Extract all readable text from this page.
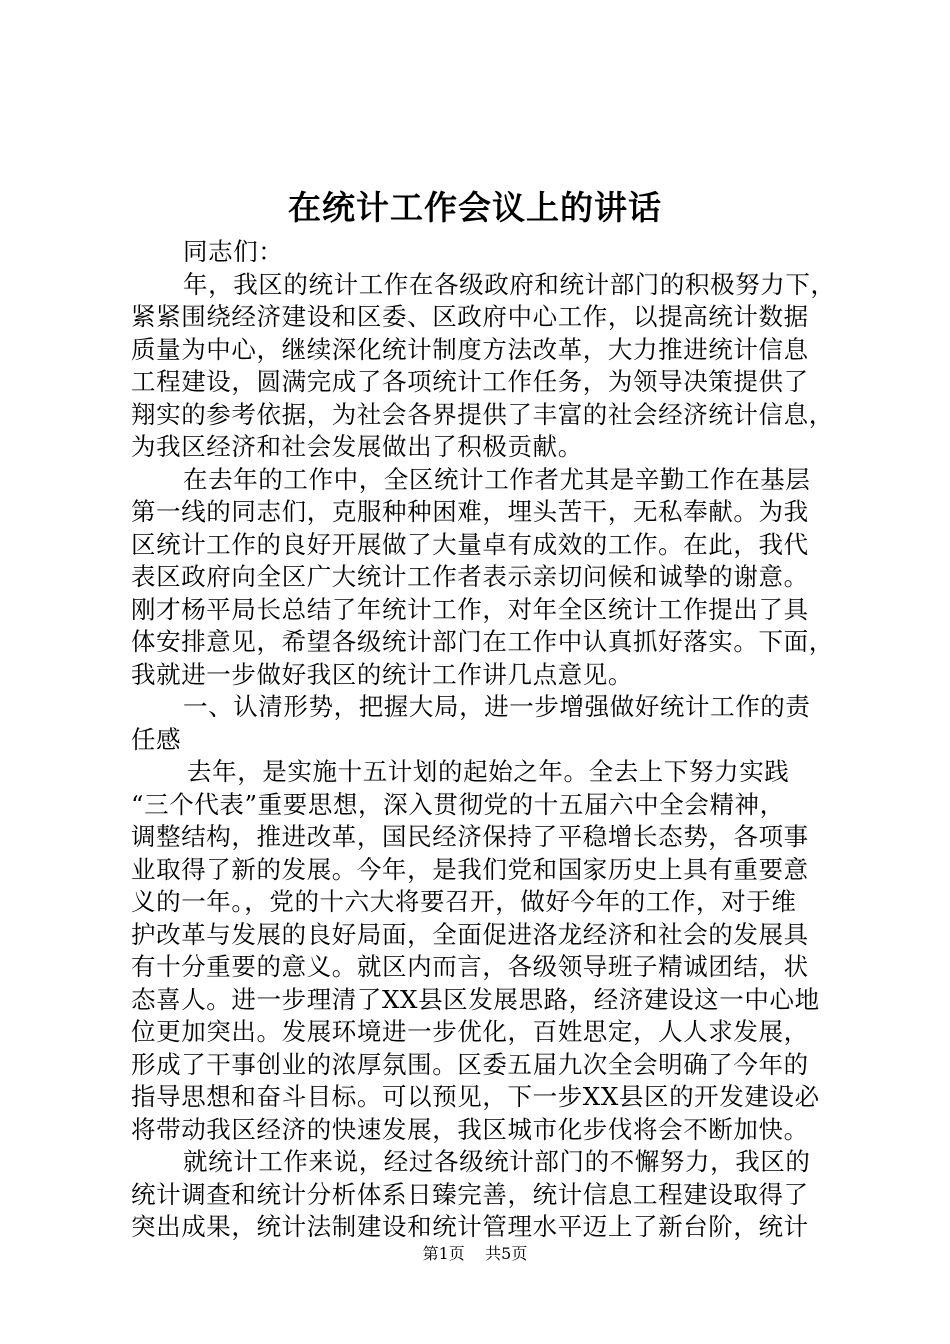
在统计工作会议上的讲话
同志们：
年，我区的统计工作在各级政府和统计部门的积极努力下，
紧紧围绕经济建设和区委、区政府中心工作，以提高统计数据
质量为中心，继续深化统计制度方法改革，大力推进统计信息
工程建设，圆满完成了各项统计工作任务，为领导决策提供了
翔实的参考依据，为社会各界提供了丰富的社会经济统计信息，
为我区经济和社会发展做出了积极贡献。
在去年的工作中，全区统计工作者尤其是辛勤工作在基层
第一线的同志们，克服种种困难，埋头苦干，无私奉献。为我
区统计工作的良好开展做了大量卓有成效的工作。在此，我代
表区政府向全区广大统计工作者表示亲切问候和诚挚的谢意。
刚才杨平局长总结了年统计工作，对年全区统计工作提出了具
体安排意见，希望各级统计部门在工作中认真抓好落实。下面，
我就进一步做好我区的统计工作讲几点意见。
一、认清形势，把握大局，进一步增强做好统计工作的责
任感
去年，是实施十五计划的起始之年。全去上下努力实践
“三个代表”重要思想，深入贯彻党的十五届六中全会精神，
调整结构，推进改革，国民经济保持了平稳增长态势，各项事
业取得了新的发展。今年，是我们党和国家历史上具有重要意
义的一年。，党的十六大将要召开，做好今年的工作，对于维
护改革与发展的良好局面，全面促进洛龙经济和社会的发展具
有十分重要的意义。就区内而言，各级领导班子精诚团结，状
态喜人。进一步理清了XX县区发展思路，经济建设这一中心地
位更加突出。发展环境进一步优化，百姓思定，人人求发展，
形成了干事创业的浓厚氛围。区委五届九次全会明确了今年的
指导思想和奋斗目标。可以预见，下一步XX县区的开发建设必
将带动我区经济的快速发展，我区城市化步伐将会不断加快。
就统计工作来说，经过各级统计部门的不懈努力，我区的
统计调查和统计分析体系日臻完善，统计信息工程建设取得了
突出成果，统计法制建设和统计管理水平迈上了新台阶，统计
第1页 共5页
